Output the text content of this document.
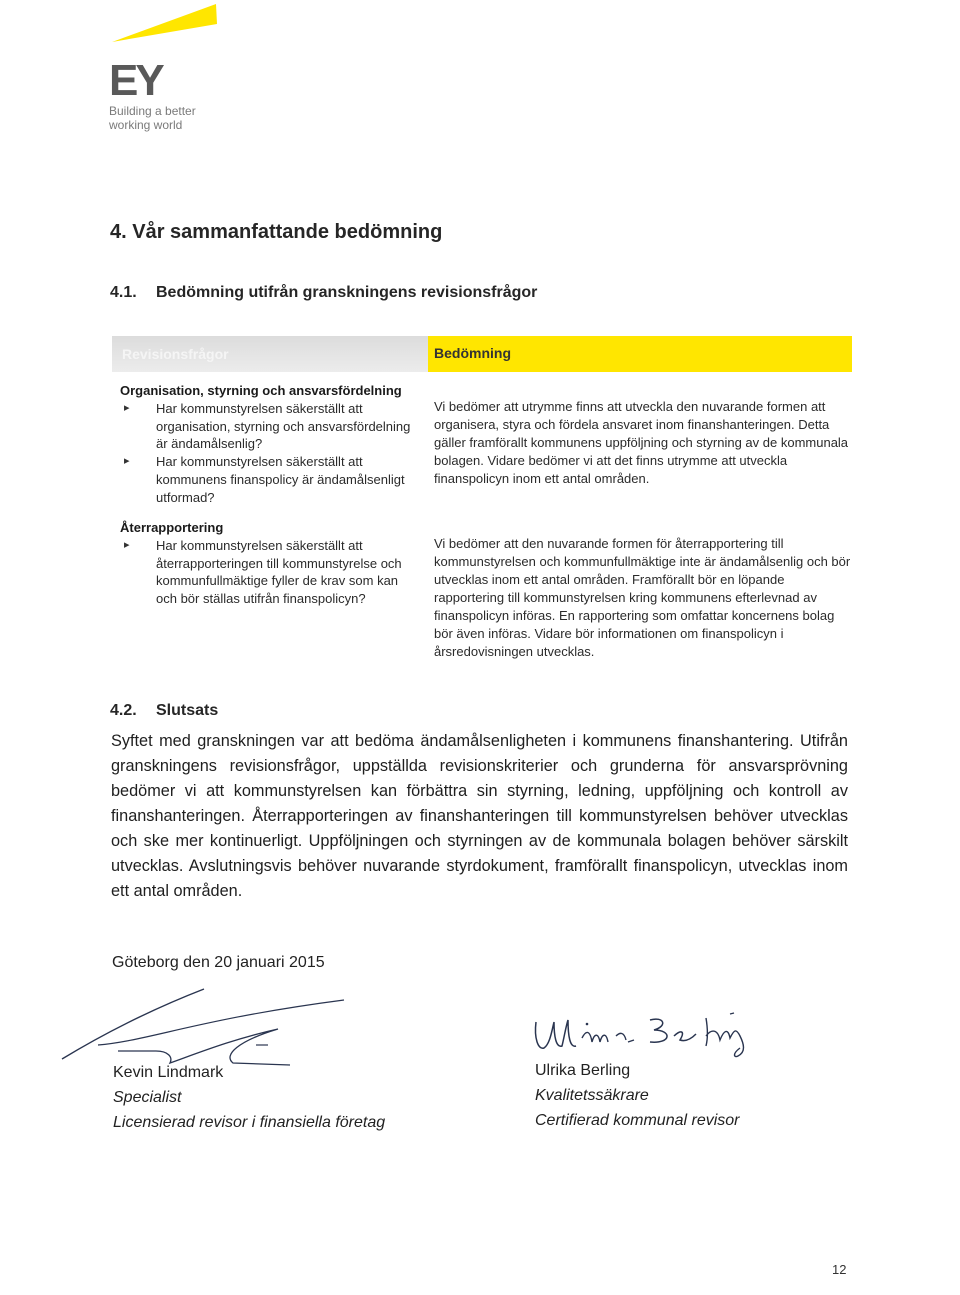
EY
Building a better
working world
4. Vår sammanfattande bedömning
4.1. Bedömning utifrån granskningens revisionsfrågor
Revisionsfrågor	Bedömning
Organisation, styrning och ansvarsfördelning
▸ Har kommunstyrelsen säkerställt att organisation, styrning och ansvarsfördelning är ändamålsenlig?
▸ Har kommunstyrelsen säkerställt att kommunens finanspolicy är ändamålsenligt utformad?
Vi bedömer att utrymme finns att utveckla den nuvarande formen att organisera, styra och fördela ansvaret inom finanshanteringen. Detta gäller framförallt kommunens uppföljning och styrning av de kommunala bolagen. Vidare bedömer vi att det finns utrymme att utveckla finanspolicyn inom ett antal områden.
Återrapportering
▸ Har kommunstyrelsen säkerställt att återrapporteringen till kommunstyrelse och kommunfullmäktige fyller de krav som kan och bör ställas utifrån finanspolicyn?
Vi bedömer att den nuvarande formen för återrapportering till kommunstyrelsen och kommunfullmäktige inte är ändamålsenlig och bör utvecklas inom ett antal områden. Framförallt bör en löpande rapportering till kommunstyrelsen kring kommunens efterlevnad av finanspolicyn införas. En rapportering som omfattar koncernens bolag bör även införas. Vidare bör informationen om finanspolicyn i årsredovisningen utvecklas.
4.2. Slutsats

Syftet med granskningen var att bedöma ändamålsenligheten i kommunens finanshantering. Utifrån granskningens revisionsfrågor, uppställda revisionskriterier och grunderna för ansvarsprövning bedömer vi att kommunstyrelsen kan förbättra sin styrning, ledning, uppföljning och kontroll av finanshanteringen. Återrapporteringen av finanshanteringen till kommunstyrelsen behöver utvecklas och ske mer kontinuerligt. Uppföljningen och styrningen av de kommunala bolagen behöver särskilt utvecklas. Avslutningsvis behöver nuvarande styrdokument, framförallt finanspolicyn, utvecklas inom ett antal områden.

Göteborg den 20 januari 2015
Kevin Lindmark
Specialist
Licensierad revisor i finansiella företag
Ulrika Berling
Kvalitetssäkrare
Certifierad kommunal revisor
12
